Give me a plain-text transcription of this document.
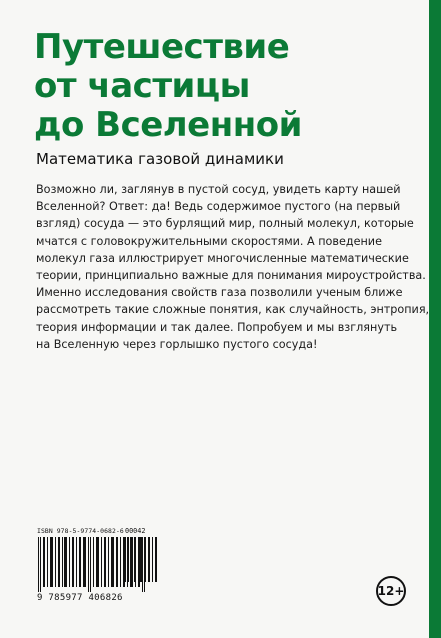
Путешествие
от частицы
до Вселенной
Математика газовой динамики
Возможно ли, заглянув в пустой сосуд, увидеть карту нашей
Вселенной? Ответ: да! Ведь содержимое пустого (на первый
взгляд) сосуда — это бурлящий мир, полный молекул, которые
мчатся с головокружительными скоростями. А поведение
молекул газа иллюстрирует многочисленные математические
теории, принципиально важные для понимания мироустройства.
Именно исследования свойств газа позволили ученым ближе
рассмотреть такие сложные понятия, как случайность, энтропия,
теория информации и так далее. Попробуем и мы взглянуть
на Вселенную через горлышко пустого сосуда!
ISBN 978-5-9774-0682-6
9 785977 406826
00042
12+
